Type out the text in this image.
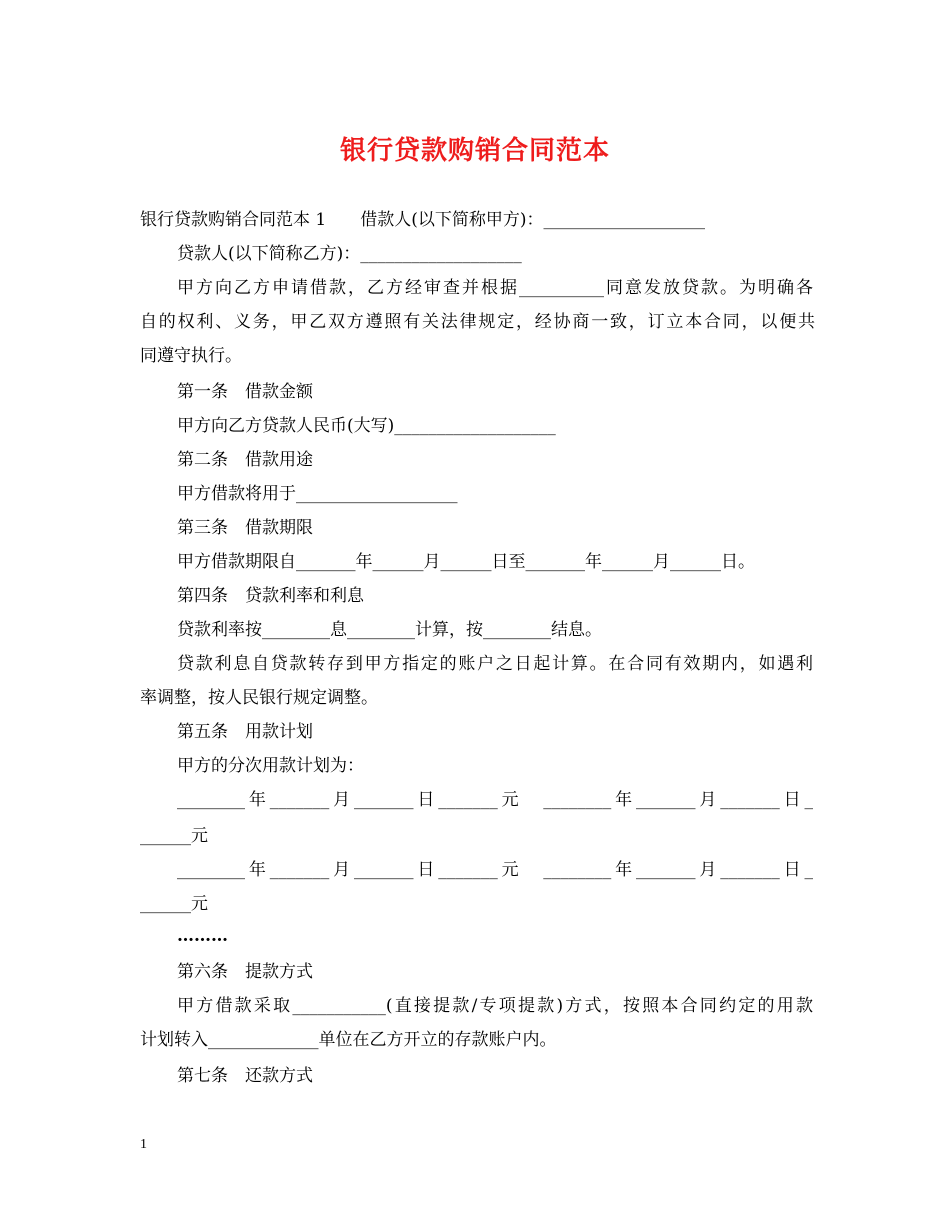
银行贷款购销合同范本
银行贷款购销合同范本 1　　借款人(以下简称甲方)：___________________
贷款人(以下简称乙方)：___________________
甲方向乙方申请借款，乙方经审查并根据__________同意发放贷款。为明确各
自的权利、义务，甲乙双方遵照有关法律规定，经协商一致，订立本合同，以便共
同遵守执行。
第一条　借款金额
甲方向乙方贷款人民币(大写)___________________
第二条　借款用途
甲方借款将用于___________________
第三条　借款期限
甲方借款期限自_______年______月______日至_______年______月______日。
第四条　贷款利率和利息
贷款利率按________息________计算，按________结息。
贷款利息自贷款转存到甲方指定的账户之日起计算。在合同有效期内，如遇利
率调整，按人民银行规定调整。
第五条　用款计划
甲方的分次用款计划为：
________年_______月_______日_______元　________年_______月_______日_
______元
________年_______月_______日_______元　________年_______月_______日_
______元
………
第六条　提款方式
甲方借款采取___________(直接提款/专项提款)方式，按照本合同约定的用款
计划转入_____________单位在乙方开立的存款账户内。
第七条　还款方式
1
